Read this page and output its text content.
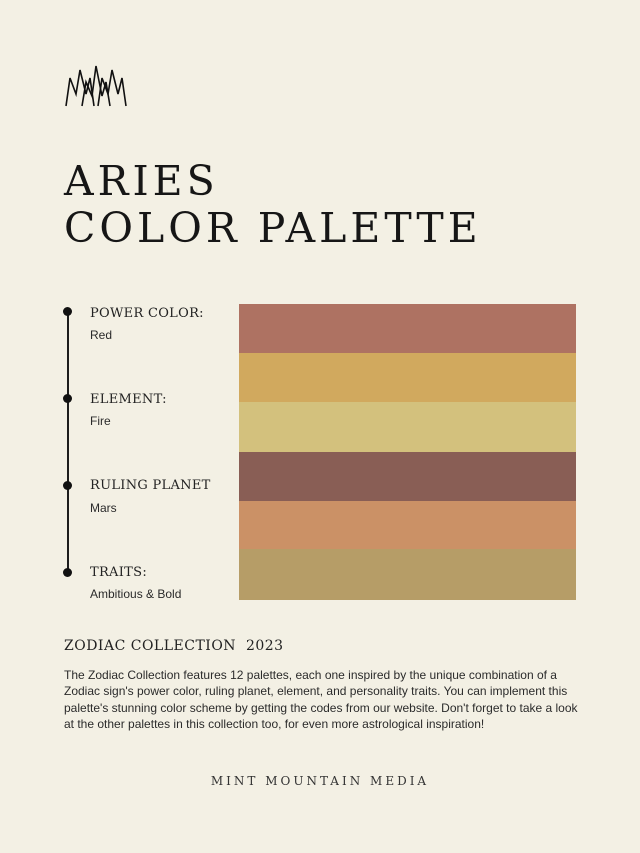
ARIES
COLOR PALETTE
POWER COLOR:
Red
ELEMENT:
Fire
RULING PLANET
Mars
TRAITS:
Ambitious & Bold
ZODIAC COLLECTION  2023

The Zodiac Collection features 12 palettes, each one inspired by the unique combination of a Zodiac sign's power color, ruling planet, element, and personality traits. You can implement this palette's stunning color scheme by getting the codes from our website. Don't forget to take a look at the other palettes in this collection too, for even more astrological inspiration!

MINT MOUNTAIN MEDIA
